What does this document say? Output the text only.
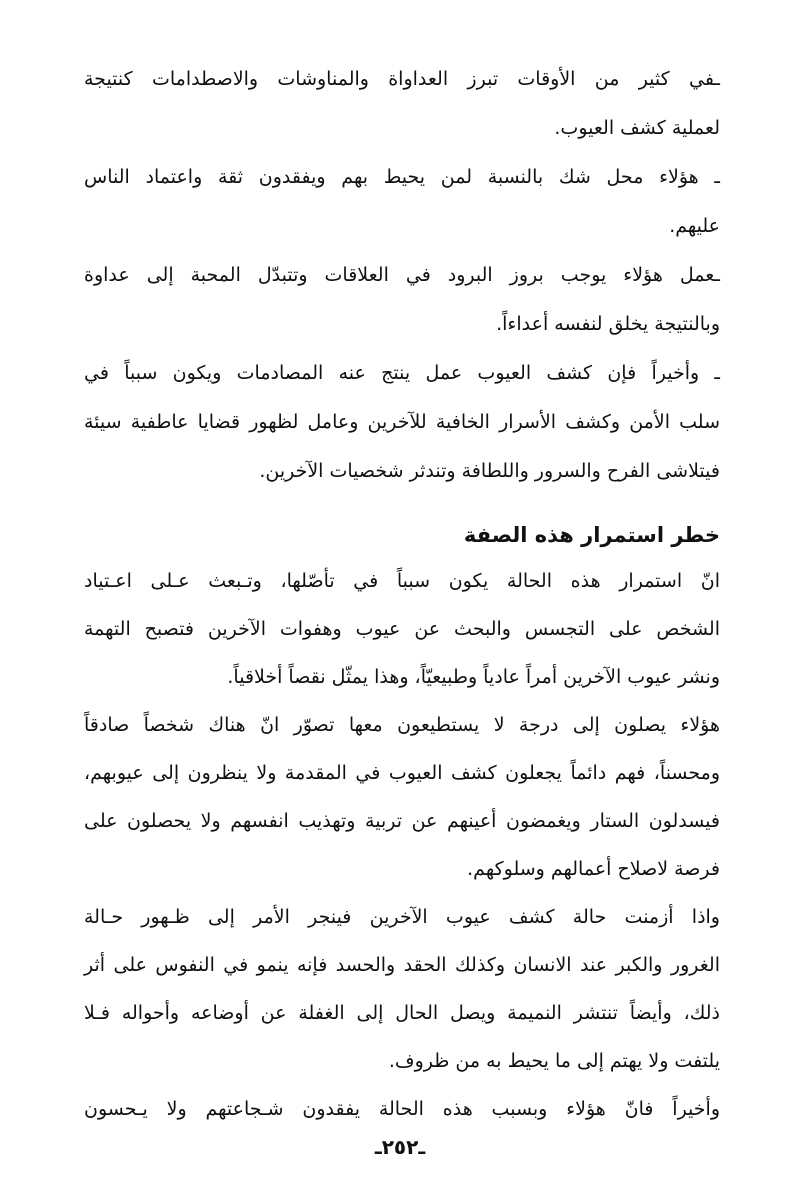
ـفي كثير من الأوقات تبرز العداواة والمناوشات والاصطدامات كنتيجة
لعملية كشف العيوب.
ـ هؤلاء محل شك بالنسبة لمن يحيط بهم ويفقدون ثقة واعتماد الناس
عليهم.
ـعمل هؤلاء يوجب بروز البرود في العلاقات وتتبدّل المحبة إلى عداوة
وبالنتيجة يخلق لنفسه أعداءاً.
ـ وأخيراً فإن كشف العيوب عمل ينتج عنه المصادمات ويكون سبباً في
سلب الأمن وكشف الأسرار الخافية للآخرين وعامل لظهور قضايا عاطفية سيئة
فيتلاشى الفرح والسرور واللطافة وتندثر شخصيات الآخرين.
خطر استمرار هذه الصفة
انّ استمرار هذه الحالة يكون سبباً في تأصّلها، وتـبعث عـلى اعـتياد
الشخص على التجسس والبحث عن عيوب وهفوات الآخرين فتصبح التهمة
ونشر عيوب الآخرين أمراً عادياً وطبيعيّاً، وهذا يمثّل نقصاً أخلاقياً.
هؤلاء يصلون إلى درجة لا يستطيعون معها تصوّر انّ هناك شخصاً صادقاً
ومحسناً، فهم دائماً يجعلون كشف العيوب في المقدمة ولا ينظرون إلى عيوبهم،
فيسدلون الستار ويغمضون أعينهم عن تربية وتهذيب انفسهم ولا يحصلون على
فرصة لاصلاح أعمالهم وسلوكهم.
واذا أزمنت حالة كشف عيوب الآخرين فينجر الأمر إلى ظـهور حـالة
الغرور والكبر عند الانسان وكذلك الحقد والحسد فإنه ينمو في النفوس على أثر
ذلك، وأيضاً تنتشر النميمة ويصل الحال إلى الغفلة عن أوضاعه وأحواله فـلا
يلتفت ولا يهتم إلى ما يحيط به من ظروف.
وأخيراً فانّ هؤلاء وبسبب هذه الحالة يفقدون شـجاعتهم ولا يـحسون
ـ٢٥٢ـ
